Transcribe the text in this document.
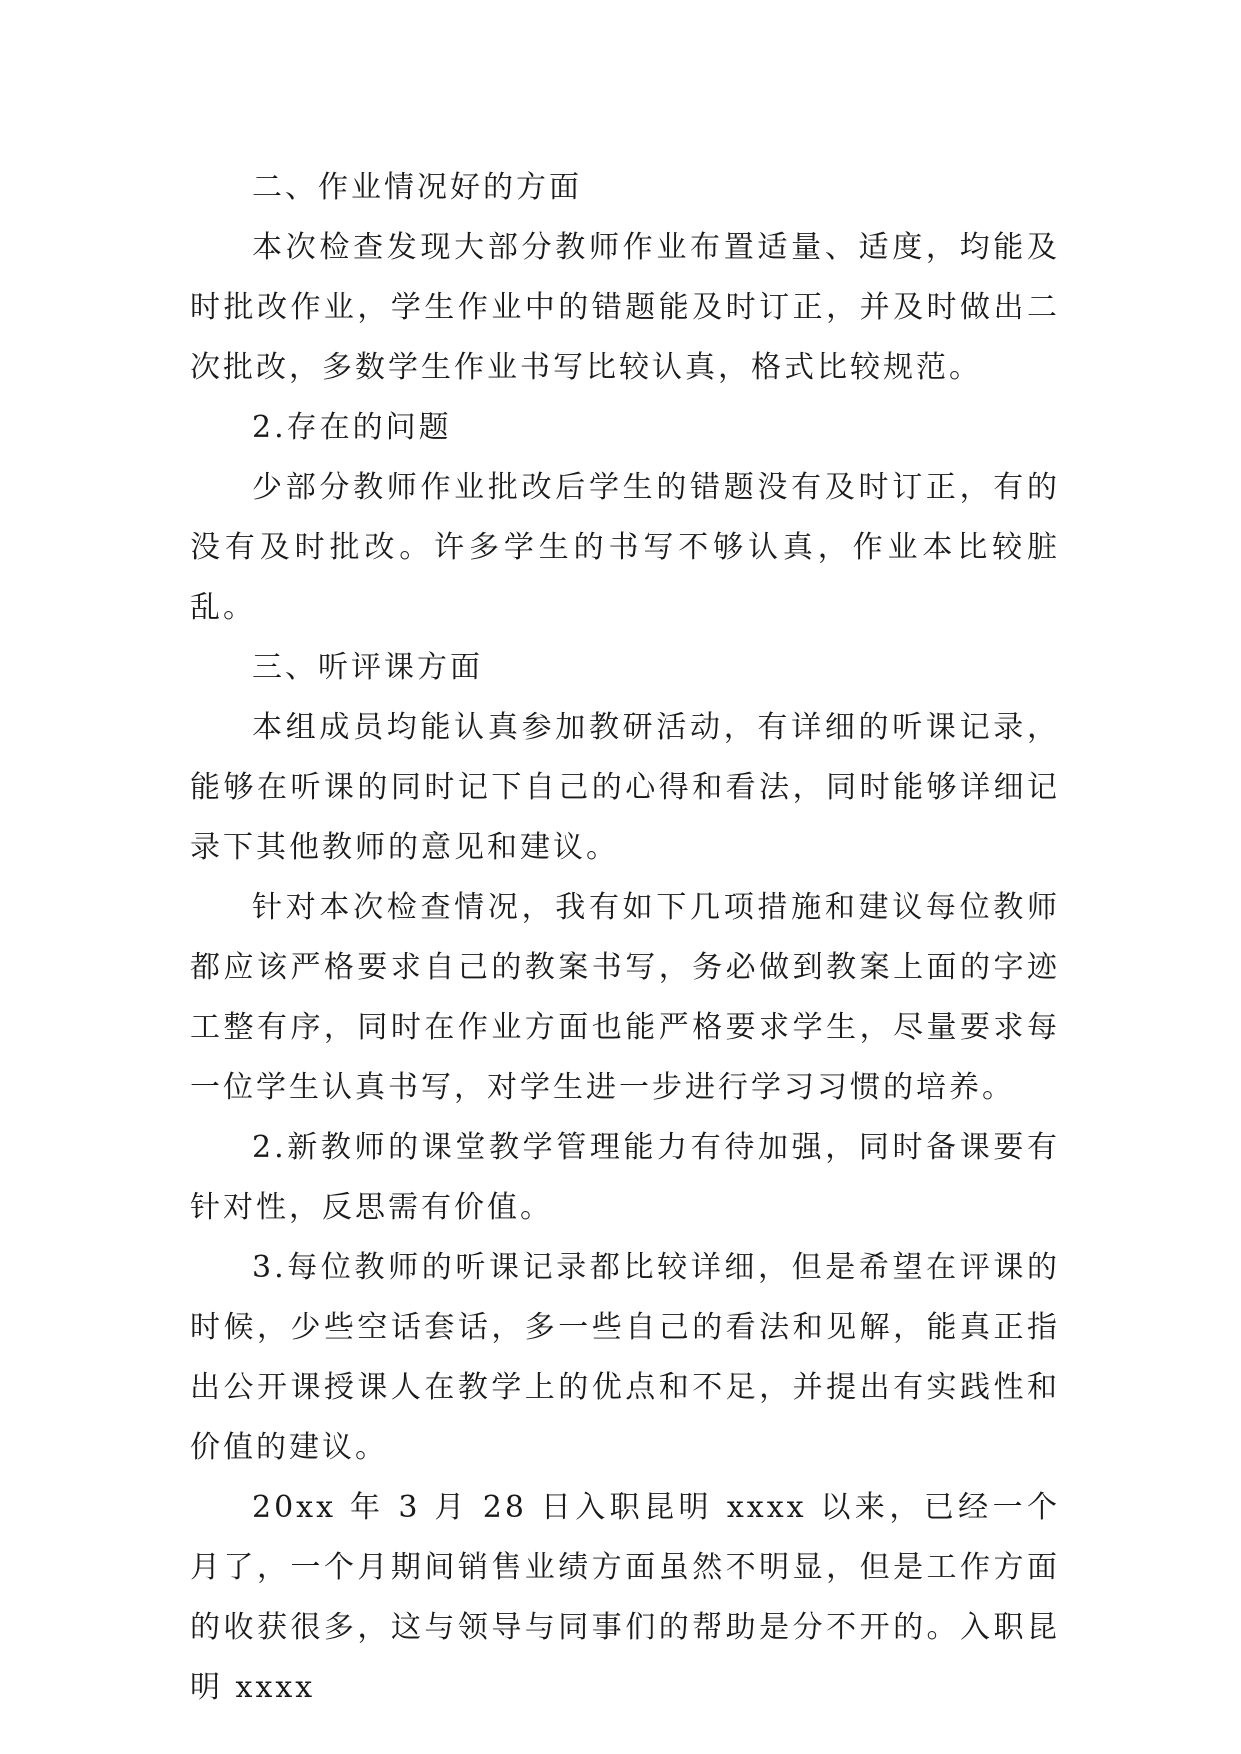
二、作业情况好的方面

本次检查发现大部分教师作业布置适量、适度，均能及时批改作业，学生作业中的错题能及时订正，并及时做出二次批改，多数学生作业书写比较认真，格式比较规范。

2.存在的问题

少部分教师作业批改后学生的错题没有及时订正，有的没有及时批改。许多学生的书写不够认真，作业本比较脏乱。

三、听评课方面

本组成员均能认真参加教研活动，有详细的听课记录，能够在听课的同时记下自己的心得和看法，同时能够详细记录下其他教师的意见和建议。

针对本次检查情况，我有如下几项措施和建议每位教师都应该严格要求自己的教案书写，务必做到教案上面的字迹工整有序，同时在作业方面也能严格要求学生，尽量要求每一位学生认真书写，对学生进一步进行学习习惯的培养。

2.新教师的课堂教学管理能力有待加强，同时备课要有针对性，反思需有价值。

3.每位教师的听课记录都比较详细，但是希望在评课的时候，少些空话套话，多一些自己的看法和见解，能真正指出公开课授课人在教学上的优点和不足，并提出有实践性和价值的建议。

20xx 年 3 月 28 日入职昆明 xxxx 以来，已经一个月了，一个月期间销售业绩方面虽然不明显，但是工作方面的收获很多，这与领导与同事们的帮助是分不开的。入职昆明 xxxx
